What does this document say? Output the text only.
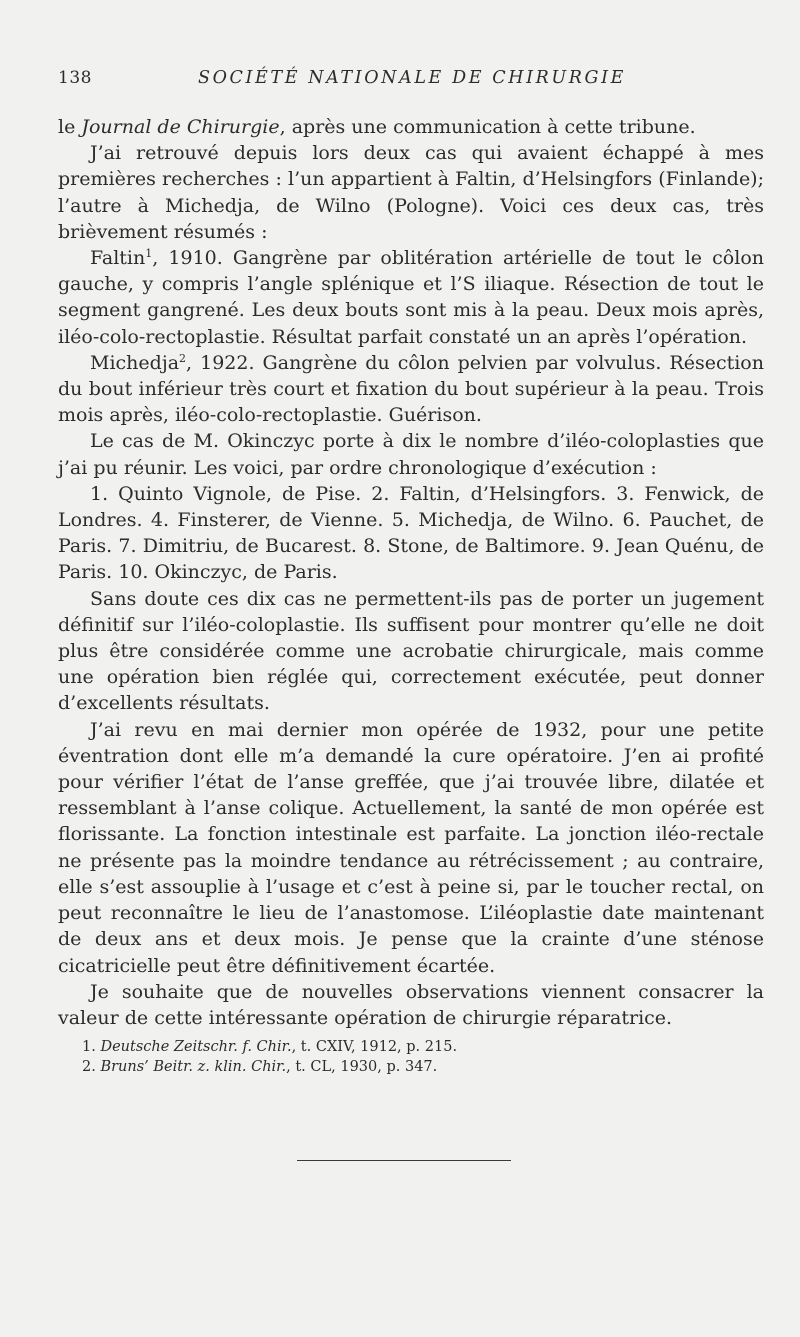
138	SOCIÉTÉ NATIONALE DE CHIRURGIE

le Journal de Chirurgie, après une communication à cette tribune.

J’ai retrouvé depuis lors deux cas qui avaient échappé à mes premières recherches : l’un appartient à Faltin, d’Helsingfors (Finlande); l’autre à Michedja, de Wilno (Pologne). Voici ces deux cas, très brièvement résumés :

Faltin$^1$, 1910. Gangrène par oblitération artérielle de tout le côlon gauche, y compris l’angle splénique et l’S iliaque. Résection de tout le segment gangrené. Les deux bouts sont mis à la peau. Deux mois après, iléo-colo-rectoplastie. Résultat parfait constaté un an après l’opération.

Michedja$^2$, 1922. Gangrène du côlon pelvien par volvulus. Résection du bout inférieur très court et fixation du bout supérieur à la peau. Trois mois après, iléo-colo-rectoplastie. Guérison.

Le cas de M. Okinczyc porte à dix le nombre d’iléo-coloplasties que j’ai pu réunir. Les voici, par ordre chronologique d’exécution :

1. Quinto Vignole, de Pise. 2. Faltin, d’Helsingfors. 3. Fenwick, de Londres. 4. Finsterer, de Vienne. 5. Michedja, de Wilno. 6. Pauchet, de Paris. 7. Dimitriu, de Bucarest. 8. Stone, de Baltimore. 9. Jean Quénu, de Paris. 10. Okinczyc, de Paris.

Sans doute ces dix cas ne permettent-ils pas de porter un jugement définitif sur l’iléo-coloplastie. Ils suffisent pour montrer qu’elle ne doit plus être considérée comme une acrobatie chirurgicale, mais comme une opération bien réglée qui, correctement exécutée, peut donner d’excellents résultats.

J’ai revu en mai dernier mon opérée de 1932, pour une petite éventration dont elle m’a demandé la cure opératoire. J’en ai profité pour vérifier l’état de l’anse greffée, que j’ai trouvée libre, dilatée et ressemblant à l’anse colique. Actuellement, la santé de mon opérée est florissante. La fonction intestinale est parfaite. La jonction iléo-rectale ne présente pas la moindre tendance au rétrécissement ; au contraire, elle s’est assouplie à l’usage et c’est à peine si, par le toucher rectal, on peut reconnaître le lieu de l’anastomose. L’iléoplastie date maintenant de deux ans et deux mois. Je pense que la crainte d’une sténose cicatricielle peut être définitivement écartée.

Je souhaite que de nouvelles observations viennent consacrer la valeur de cette intéressante opération de chirurgie réparatrice.

1. Deutsche Zeitschr. f. Chir., t. CXIV, 1912, p. 215.

2. Bruns’ Beitr. z. klin. Chir., t. CL, 1930, p. 347.
